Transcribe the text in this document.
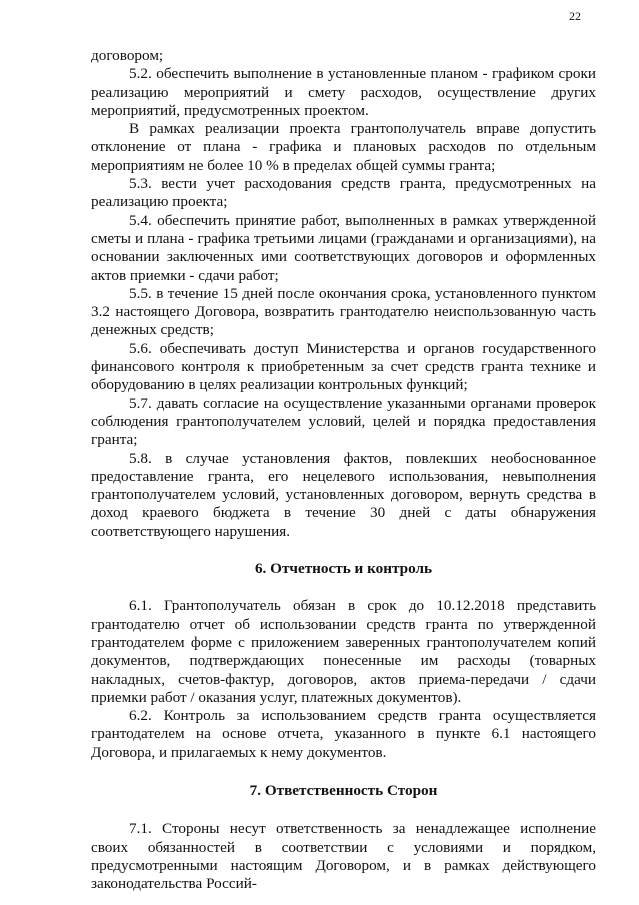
22

договором;

5.2. обеспечить выполнение в установленные планом - графиком сроки реализацию мероприятий и смету расходов, осуществление других мероприятий, предусмотренных проектом.

В рамках реализации проекта грантополучатель вправе допустить отклонение от плана - графика и плановых расходов по отдельным мероприятиям не более 10 % в пределах общей суммы гранта;

5.3. вести учет расходования средств гранта, предусмотренных на реализацию проекта;

5.4. обеспечить принятие работ, выполненных в рамках утвержденной сметы и плана - графика третьими лицами (гражданами и организациями), на основании заключенных ими соответствующих договоров и оформленных актов приемки - сдачи работ;

5.5. в течение 15 дней после окончания срока, установленного пунктом 3.2 настоящего Договора, возвратить грантодателю неиспользованную часть денежных средств;

5.6. обеспечивать доступ Министерства и органов государственного финансового контроля к приобретенным за счет средств гранта технике и оборудованию в целях реализации контрольных функций;

5.7. давать согласие на осуществление указанными органами проверок соблюдения грантополучателем условий, целей и порядка предоставления гранта;

5.8. в случае установления фактов, повлекших необоснованное предоставление гранта, его нецелевого использования, невыполнения грантополучателем условий, установленных договором, вернуть средства в доход краевого бюджета в течение 30 дней с даты обнаружения соответствующего нарушения.

6. Отчетность и контроль

6.1. Грантополучатель обязан в срок до 10.12.2018 представить грантодателю отчет об использовании средств гранта по утвержденной грантодателем форме с приложением заверенных грантополучателем копий документов, подтверждающих понесенные им расходы (товарных накладных, счетов-фактур, договоров, актов приема-передачи / сдачи приемки работ / оказания услуг, платежных документов).

6.2. Контроль за использованием средств гранта осуществляется грантодателем на основе отчета, указанного в пункте 6.1 настоящего Договора, и прилагаемых к нему документов.

7. Ответственность Сторон

7.1. Стороны несут ответственность за ненадлежащее исполнение своих обязанностей в соответствии с условиями и порядком, предусмотренными настоящим Договором, и в рамках действующего законодательства Россий-
